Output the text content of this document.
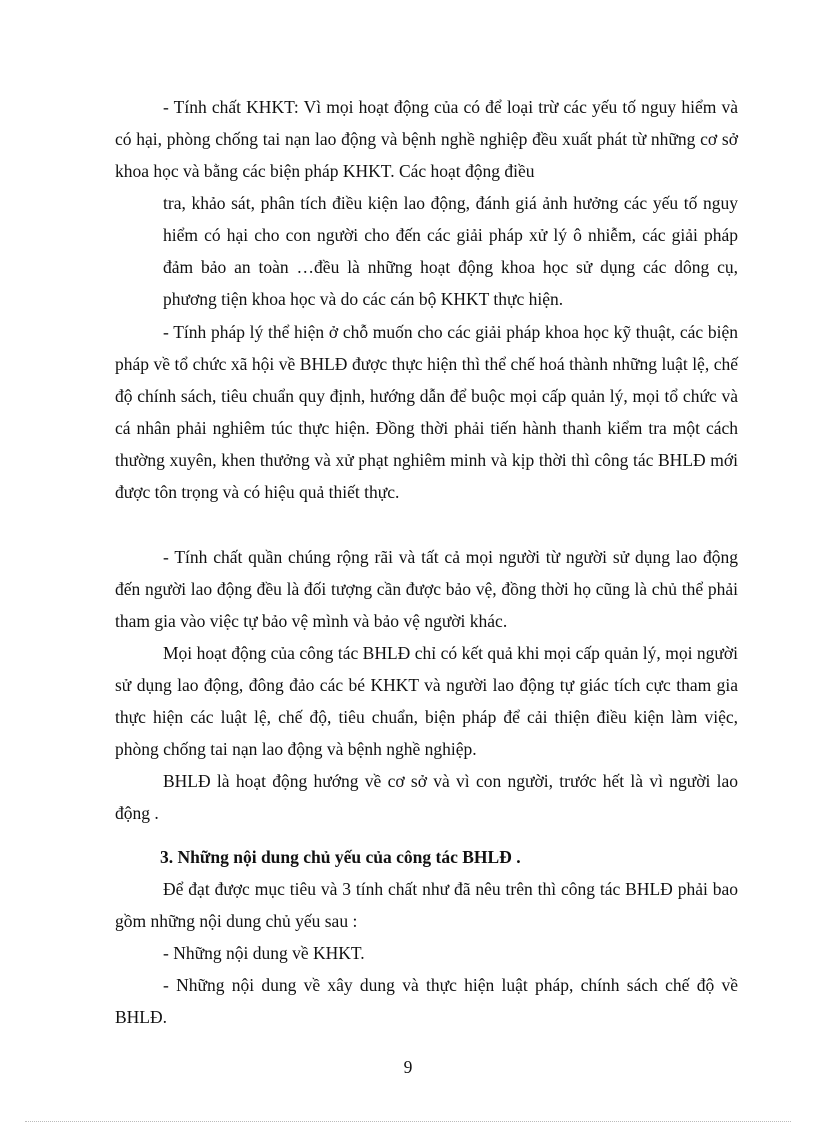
- Tính chất KHKT: Vì mọi hoạt động của có để loại trừ các yếu tố nguy hiểm và có hại, phòng chống tai nạn lao động và bệnh nghề nghiệp đều xuất phát từ những cơ sở khoa học và bằng các biện pháp KHKT. Các hoạt động điều

tra, khảo sát, phân tích điều kiện lao động, đánh giá ảnh hưởng các yếu tố nguy hiểm có hại cho con người cho đến các giải pháp xử lý ô nhiễm, các giải pháp đảm bảo an toàn …đều là những hoạt động khoa học sử dụng các dông cụ, phương tiện khoa học và do các cán bộ KHKT thực hiện.

- Tính pháp lý thể hiện ở chỗ muốn cho các giải pháp khoa học kỹ thuật, các biện pháp về tổ chức xã hội về BHLĐ được thực hiện thì thể chế hoá thành những luật lệ, chế độ chính sách, tiêu chuẩn quy định, hướng dẫn để buộc mọi cấp quản lý, mọi tổ chức và cá nhân phải nghiêm túc thực hiện. Đồng thời phải tiến hành thanh kiểm tra một cách thường xuyên, khen thưởng và xử phạt nghiêm minh và kịp thời thì công tác BHLĐ mới được tôn trọng và có hiệu quả thiết thực.

- Tính chất quần chúng rộng rãi và tất cả mọi người từ người sử dụng lao động đến người lao động đều là đối tượng cần được bảo vệ, đồng thời họ cũng là chủ thể phải tham gia vào việc tự bảo vệ mình và bảo vệ người khác.

Mọi hoạt động của công tác BHLĐ chỉ có kết quả khi mọi cấp quản lý, mọi người sử dụng lao động, đông đảo các bé KHKT và người lao động tự giác tích cực tham gia thực hiện các luật lệ, chế độ, tiêu chuẩn, biện pháp để cải thiện điều kiện làm việc, phòng chống tai nạn lao động và bệnh nghề nghiệp.

BHLĐ là hoạt động hướng về cơ sở và vì con người, trước hết là vì người lao động .

3. Những nội dung chủ yếu của công tác BHLĐ .

Để đạt được mục tiêu và 3 tính chất như đã nêu trên thì công tác BHLĐ phải bao gồm những nội dung chủ yếu sau :

- Những nội dung về KHKT.

- Những nội dung về xây dung và thực hiện luật pháp, chính sách chế độ về BHLĐ.

9
